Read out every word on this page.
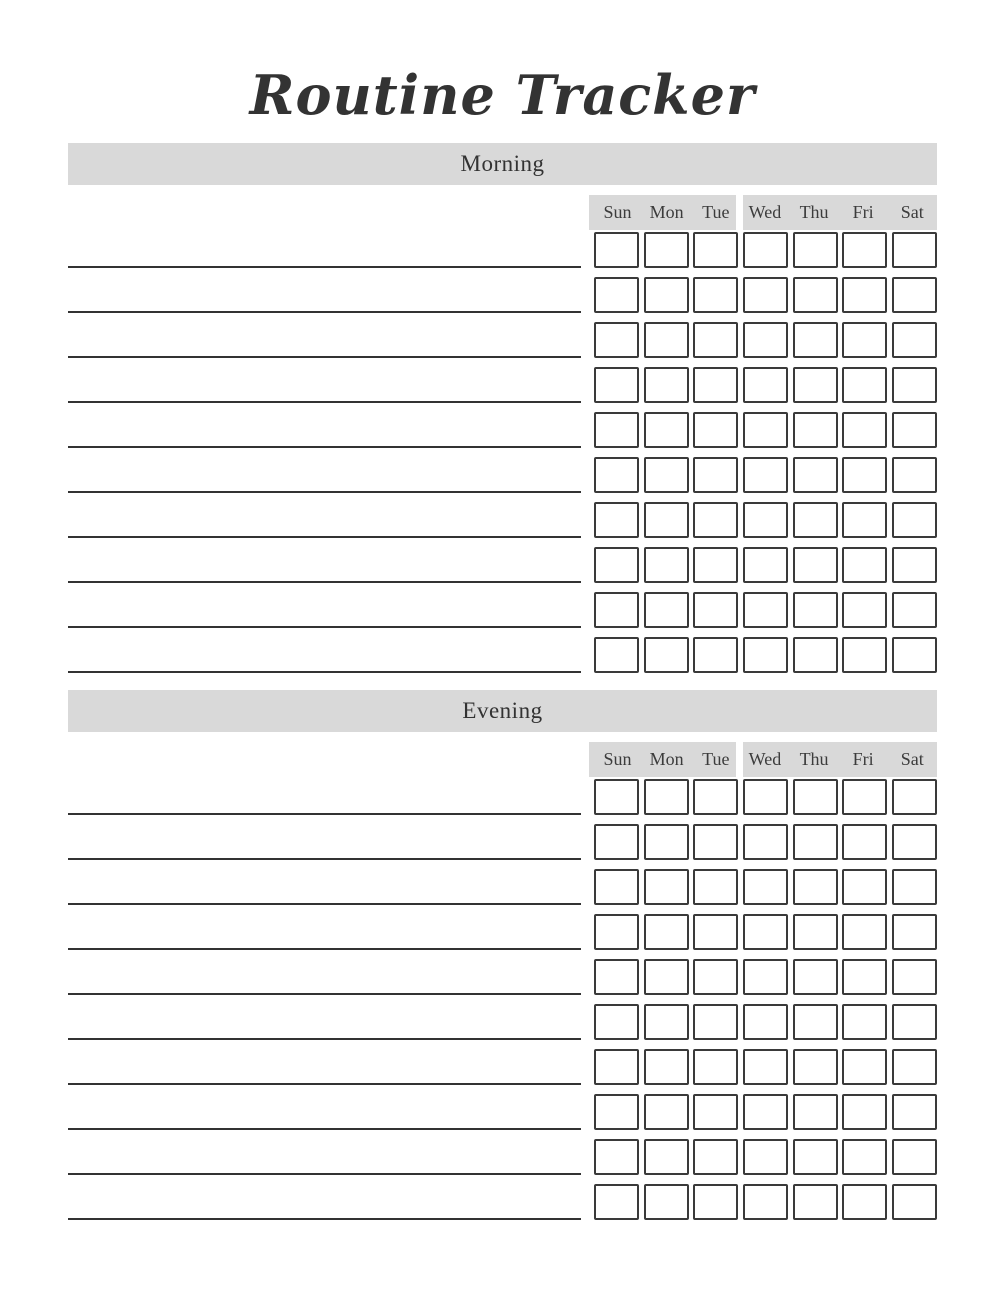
Routine Tracker
Morning
Sun	Mon	Tue	Wed	Thu	Fri	Sat
Evening
Sun	Mon	Tue	Wed	Thu	Fri	Sat
